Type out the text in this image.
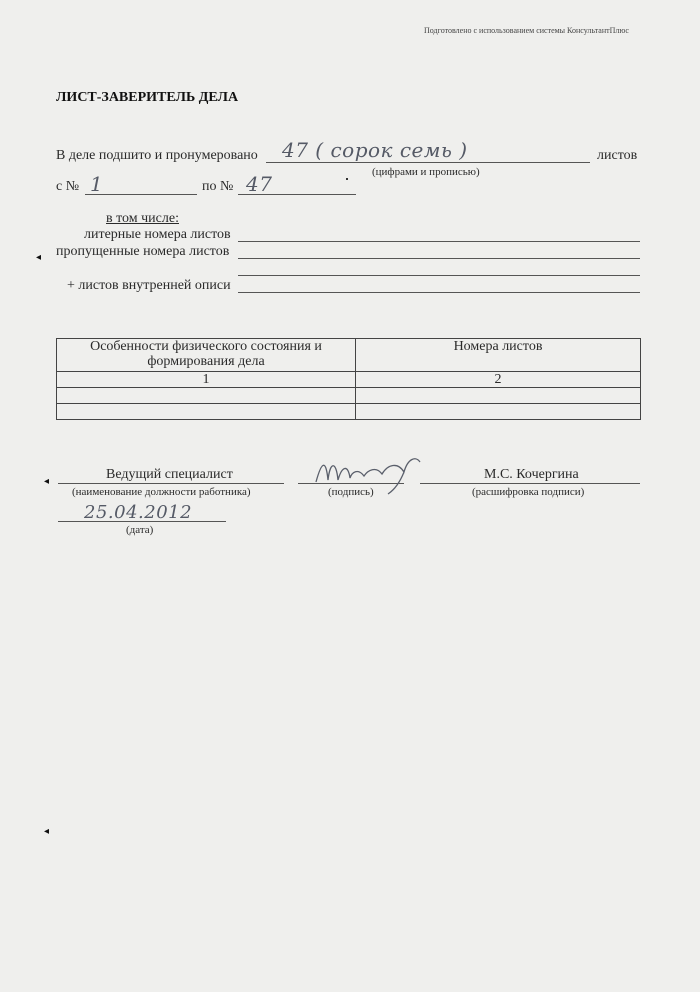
Подготовлено с использованием системы КонсультантПлюс
ЛИСТ-ЗАВЕРИТЕЛЬ ДЕЛА
В деле подшито и пронумеровано 47 ( сорок семь )	листов
(цифрами и прописью)
с № 1	по № 47
в том числе:
литерные номера листов
пропущенные номера листов
+ листов внутренней описи
Особенности физического состояния и формирования дела	Номера листов
1	2

Ведущий специалист
(наименование должности работника)	(подпись)
М.С. Кочергина
(расшифровка подписи)
25.04.2012
(дата)
◂
◂
◂
